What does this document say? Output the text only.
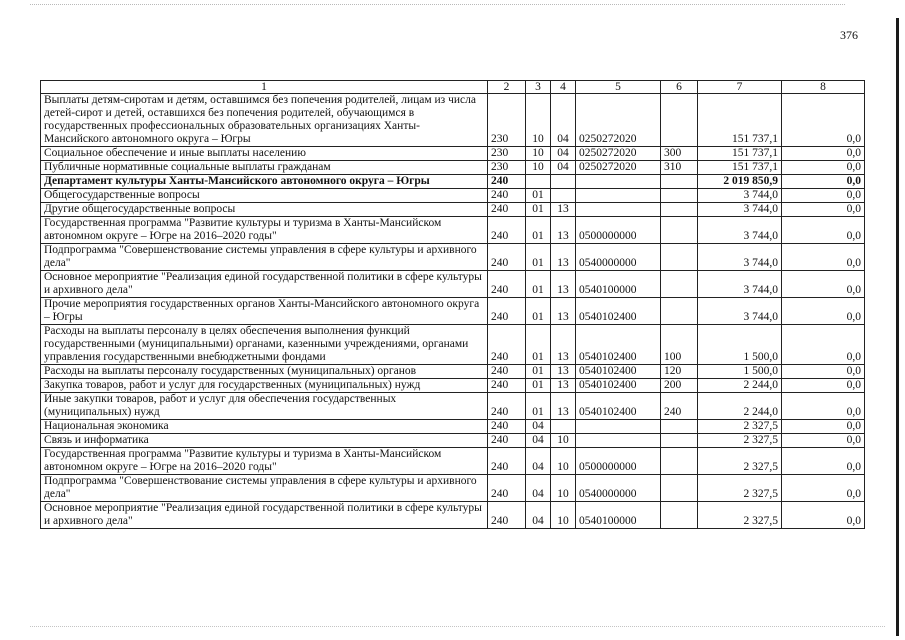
376
1	2	3	4	5	6	7	8
Выплаты детям-сиротам и детям, оставшимся без попечения родителей, лицам из числа детей-сирот и детей, оставшихся без попечения родителей, обучающимся в государственных профессиональных образовательных организациях Ханты-Мансийского автономного округа – Югры	230	10	04	0250272020		151 737,1	0,0
Социальное обеспечение и иные выплаты населению	230	10	04	0250272020	300	151 737,1	0,0
Публичные нормативные социальные выплаты гражданам	230	10	04	0250272020	310	151 737,1	0,0
Департамент культуры Ханты-Мансийского автономного округа – Югры	240					2 019 850,9	0,0
Общегосударственные вопросы	240	01				3 744,0	0,0
Другие общегосударственные вопросы	240	01	13			3 744,0	0,0
Государственная программа "Развитие культуры и туризма в Ханты-Мансийском автономном округе – Югре на 2016–2020 годы"	240	01	13	0500000000		3 744,0	0,0
Подпрограмма "Совершенствование системы управления в сфере культуры и архивного дела"	240	01	13	0540000000		3 744,0	0,0
Основное мероприятие "Реализация единой государственной политики в сфере культуры и архивного дела"	240	01	13	0540100000		3 744,0	0,0
Прочие мероприятия государственных органов Ханты-Мансийского автономного округа – Югры	240	01	13	0540102400		3 744,0	0,0
Расходы на выплаты персоналу в целях обеспечения выполнения функций государственными (муниципальными) органами, казенными учреждениями, органами управления государственными внебюджетными фондами	240	01	13	0540102400	100	1 500,0	0,0
Расходы на выплаты персоналу государственных (муниципальных) органов	240	01	13	0540102400	120	1 500,0	0,0
Закупка товаров, работ и услуг для государственных (муниципальных) нужд	240	01	13	0540102400	200	2 244,0	0,0
Иные закупки товаров, работ и услуг для обеспечения государственных (муниципальных) нужд	240	01	13	0540102400	240	2 244,0	0,0
Национальная экономика	240	04				2 327,5	0,0
Связь и информатика	240	04	10			2 327,5	0,0
Государственная программа "Развитие культуры и туризма в Ханты-Мансийском автономном округе – Югре на 2016–2020 годы"	240	04	10	0500000000		2 327,5	0,0
Подпрограмма "Совершенствование системы управления в сфере культуры и архивного дела"	240	04	10	0540000000		2 327,5	0,0
Основное мероприятие "Реализация единой государственной политики в сфере культуры и архивного дела"	240	04	10	0540100000		2 327,5	0,0
